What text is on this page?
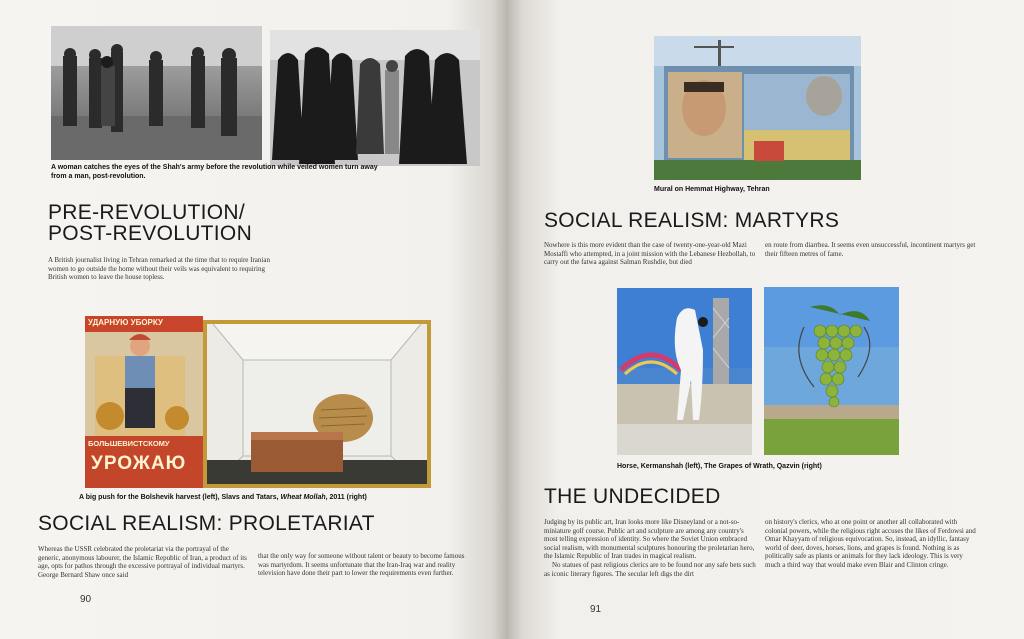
A woman catches the eyes of the Shah's army before the revolution while veiled women turn away from a man, post-revolution.
PRE-REVOLUTION/
POST-REVOLUTION
A British journalist living in Tehran remarked at the time that to require Iranian women to go outside the home without their veils was equivalent to requiring British women to leave the house topless.
УДАРНУЮ УБОРКУ
БОЛЬШЕВИСТСКОМУ
УРОЖАЮ
A big push for the Bolshevik harvest (left), Slavs and Tatars, Wheat Mollah, 2011 (right)
SOCIAL REALISM: PROLETARIAT
Whereas the USSR celebrated the proletariat via the portrayal of the generic, anonymous labourer, the Islamic Republic of Iran, a product of its age, opts for pathos through the excessive portrayal of individual martyrs. George Bernard Shaw once said
that the only way for someone without talent or beauty to become famous was martyrdom. It seems unfortunate that the Iran-Iraq war and reality television have done their part to lower the requirements even further.
90
Mural on Hemmat Highway, Tehran
SOCIAL REALISM: MARTYRS
Nowhere is this more evident than the case of twenty-one-year-old Mazi Mostaffi who attempted, in a joint mission with the Lebanese Hezbollah, to carry out the fatwa against Salman Rushdie, but died
en route from diarrhea. It seems even unsuccessful, incontinent martyrs get their fifteen metres of fame.
Horse, Kermanshah (left), The Grapes of Wrath, Qazvin (right)
THE UNDECIDED
Judging by its public art, Iran looks more like Disneyland or a not-so-miniature golf course. Public art and sculpture are among any country's most telling expression of identity. So where the Soviet Union embraced social realism, with monumental sculptures honouring the proletarian hero, the Islamic Republic of Iran trades in magical realism.
No statues of past religious clerics are to be found nor any safe bets such as iconic literary figures. The secular left digs the dirt
on history's clerics, who at one point or another all collaborated with colonial powers, while the religious right accuses the likes of Ferdowsi and Omar Khayyam of religious equivocation. So, instead, an idyllic, fantasy world of deer, doves, horses, lions, and grapes is found. Nothing is as politically safe as plants or animals for they lack ideology. This is very much a third way that would make even Blair and Clinton cringe.
91
